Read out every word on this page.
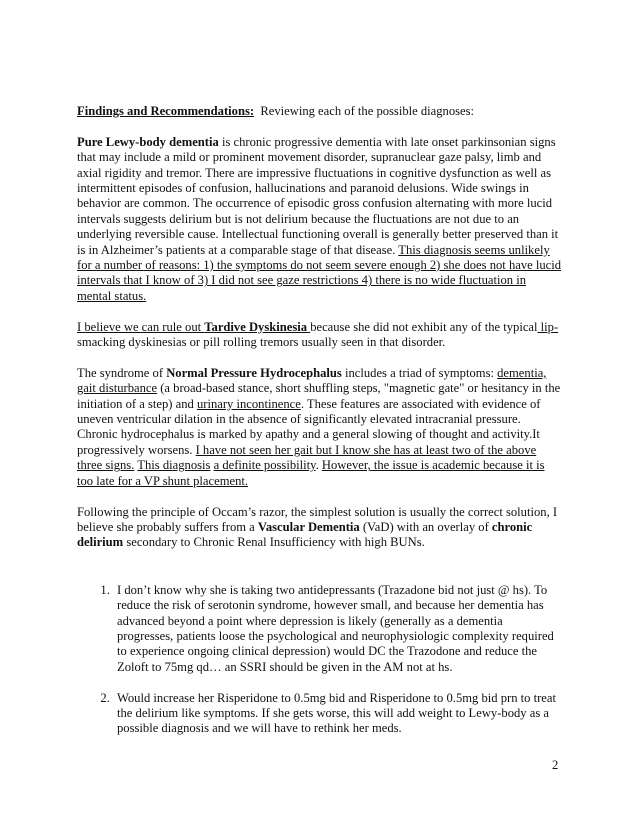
Findings and Recommendations:  Reviewing each of the possible diagnoses:

Pure Lewy-body dementia is chronic progressive dementia with late onset parkinsonian signs that may include a mild or prominent movement disorder, supranuclear gaze palsy, limb and axial rigidity and tremor. There are impressive fluctuations in cognitive dysfunction as well as intermittent episodes of confusion, hallucinations and paranoid delusions. Wide swings in behavior are common. The occurrence of episodic gross confusion alternating with more lucid intervals suggests delirium but is not delirium because the fluctuations are not due to an underlying reversible cause. Intellectual functioning overall is generally better preserved than it is in Alzheimer’s patients at a comparable stage of that disease. This diagnosis seems unlikely for a number of reasons: 1) the symptoms do not seem severe enough 2) she does not have lucid intervals that I know of 3) I did not see gaze restrictions 4) there is no wide fluctuation in mental status.

I believe we can rule out Tardive Dyskinesia because she did not exhibit any of the typical lip-smacking dyskinesias or pill rolling tremors usually seen in that disorder.

The syndrome of Normal Pressure Hydrocephalus includes a triad of symptoms: dementia, gait disturbance (a broad-based stance, short shuffling steps, "magnetic gate" or hesitancy in the initiation of a step) and urinary incontinence. These features are associated with evidence of uneven ventricular dilation in the absence of significantly elevated intracranial pressure. Chronic hydrocephalus is marked by apathy and a general slowing of thought and activity.It progressively worsens. I have not seen her gait but I know she has at least two of the above three signs. This diagnosis a definite possibility. However, the issue is academic because it is too late for a VP shunt placement.

Following the principle of Occam’s razor, the simplest solution is usually the correct solution, I believe she probably suffers from a Vascular Dementia (VaD) with an overlay of chronic delirium secondary to Chronic Renal Insufficiency with high BUNs.

1. I don’t know why she is taking two antidepressants (Trazadone bid not just @ hs). To reduce the risk of serotonin syndrome, however small, and because her dementia has advanced beyond a point where depression is likely (generally as a dementia progresses, patients loose the psychological and neurophysiologic complexity required to experience ongoing clinical depression) would DC the Trazodone and reduce the Zoloft to 75mg qd… an SSRI should be given in the AM not at hs.
2. Would increase her Risperidone to 0.5mg bid and Risperidone to 0.5mg bid prn to treat the delirium like symptoms. If she gets worse, this will add weight to Lewy-body as a possible diagnosis and we will have to rethink her meds.
2
